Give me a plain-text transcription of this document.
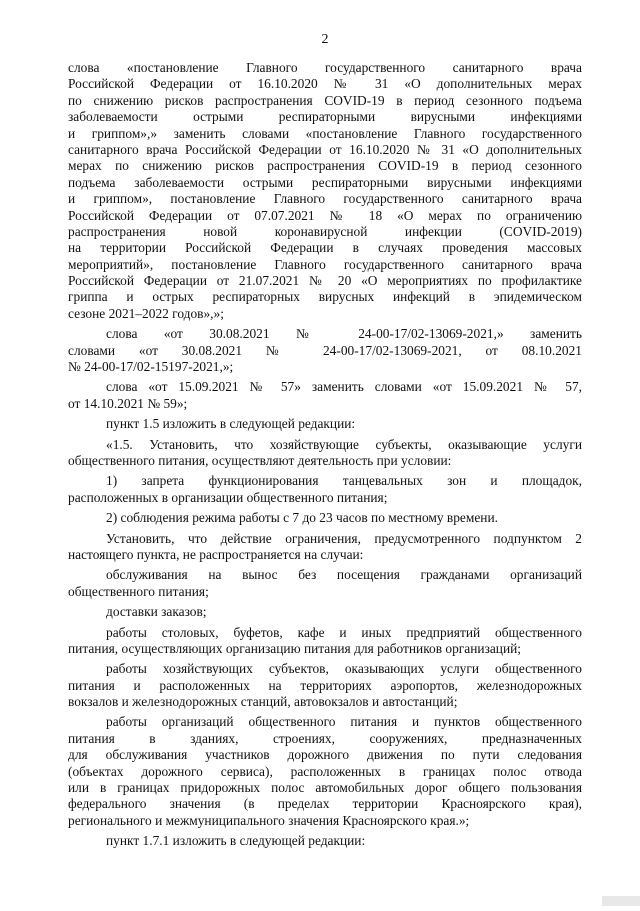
2
слова «постановление Главного государственного санитарного врача
Российской Федерации от 16.10.2020 № 31 «О дополнительных мерах
по снижению рисков распространения COVID-19 в период сезонного подъема
заболеваемости острыми респираторными вирусными инфекциями
и гриппом»,» заменить словами «постановление Главного государственного
санитарного врача Российской Федерации от 16.10.2020 № 31 «О дополнительных
мерах по снижению рисков распространения COVID-19 в период сезонного
подъема заболеваемости острыми респираторными вирусными инфекциями
и гриппом», постановление Главного государственного санитарного врача
Российской Федерации от 07.07.2021 № 18 «О мерах по ограничению
распространения новой коронавирусной инфекции (COVID-2019)
на территории Российской Федерации в случаях проведения массовых
мероприятий», постановление Главного государственного санитарного врача
Российской Федерации от 21.07.2021 № 20 «О мероприятиях по профилактике
гриппа и острых респираторных вирусных инфекций в эпидемическом
сезоне 2021–2022 годов»,»;
слова «от 30.08.2021 № 24-00-17/02-13069-2021,» заменить
словами «от 30.08.2021 № 24-00-17/02-13069-2021, от 08.10.2021
№ 24-00-17/02-15197-2021,»;
слова «от 15.09.2021 № 57» заменить словами «от 15.09.2021 № 57,
от 14.10.2021 № 59»;
пункт 1.5 изложить в следующей редакции:
«1.5. Установить, что хозяйствующие субъекты, оказывающие услуги
общественного питания, осуществляют деятельность при условии:
1) запрета функционирования танцевальных зон и площадок,
расположенных в организации общественного питания;
2) соблюдения режима работы с 7 до 23 часов по местному времени.
Установить, что действие ограничения, предусмотренного подпунктом 2
настоящего пункта, не распространяется на случаи:
обслуживания на вынос без посещения гражданами организаций
общественного питания;
доставки заказов;
работы столовых, буфетов, кафе и иных предприятий общественного
питания, осуществляющих организацию питания для работников организаций;
работы хозяйствующих субъектов, оказывающих услуги общественного
питания и расположенных на территориях аэропортов, железнодорожных
вокзалов и железнодорожных станций, автовокзалов и автостанций;
работы организаций общественного питания и пунктов общественного
питания в зданиях, строениях, сооружениях, предназначенных
для обслуживания участников дорожного движения по пути следования
(объектах дорожного сервиса), расположенных в границах полос отвода
или в границах придорожных полос автомобильных дорог общего пользования
федерального значения (в пределах территории Красноярского края),
регионального и межмуниципального значения Красноярского края.»;
пункт 1.7.1 изложить в следующей редакции:
